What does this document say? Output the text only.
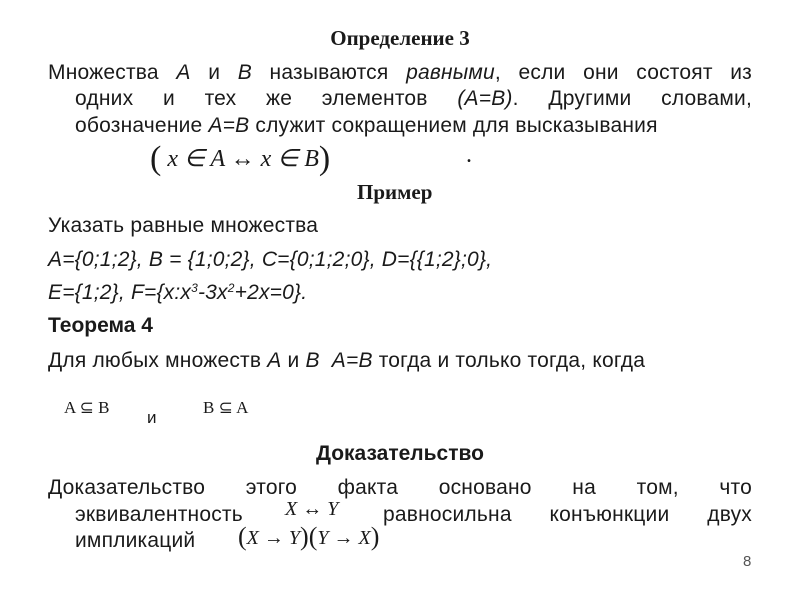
Определение 3
Множества A и B называются равными, если они состоят из
одних и тех же элементов (A=B). Другими словами,
обозначение A=B служит сокращением для высказывания
( x ∈ A ↔ x ∈ B)	.
Пример
Указать равные множества
A={0;1;2}, B = {1;0;2}, C={0;1;2;0}, D={{1;2};0},
E={1;2}, $F=\{x:x^3-3x^2+2x=0\}$.
Теорема 4
Для любых множеств A и B A=B тогда и только тогда, когда
A ⊆ B
и
B ⊆ A
Доказательство
Доказательство этого факта основано на том, что
эквивалентность X ↔ Y равносильна конъюнкции двух
импликаций (X → Y)(Y → X)
8
